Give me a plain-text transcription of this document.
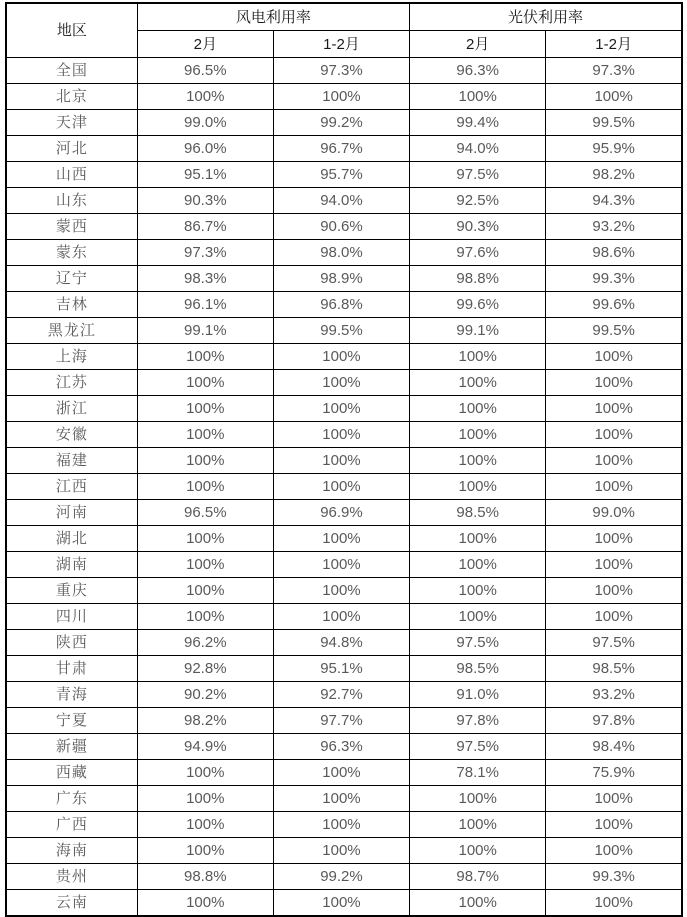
地区	风电利用率		光伏利用率	
	2月	1-2月	2月	1-2月
全国	96.5%	97.3%	96.3%	97.3%
北京	100%	100%	100%	100%
天津	99.0%	99.2%	99.4%	99.5%
河北	96.0%	96.7%	94.0%	95.9%
山西	95.1%	95.7%	97.5%	98.2%
山东	90.3%	94.0%	92.5%	94.3%
蒙西	86.7%	90.6%	90.3%	93.2%
蒙东	97.3%	98.0%	97.6%	98.6%
辽宁	98.3%	98.9%	98.8%	99.3%
吉林	96.1%	96.8%	99.6%	99.6%
黑龙江	99.1%	99.5%	99.1%	99.5%
上海	100%	100%	100%	100%
江苏	100%	100%	100%	100%
浙江	100%	100%	100%	100%
安徽	100%	100%	100%	100%
福建	100%	100%	100%	100%
江西	100%	100%	100%	100%
河南	96.5%	96.9%	98.5%	99.0%
湖北	100%	100%	100%	100%
湖南	100%	100%	100%	100%
重庆	100%	100%	100%	100%
四川	100%	100%	100%	100%
陕西	96.2%	94.8%	97.5%	97.5%
甘肃	92.8%	95.1%	98.5%	98.5%
青海	90.2%	92.7%	91.0%	93.2%
宁夏	98.2%	97.7%	97.8%	97.8%
新疆	94.9%	96.3%	97.5%	98.4%
西藏	100%	100%	78.1%	75.9%
广东	100%	100%	100%	100%
广西	100%	100%	100%	100%
海南	100%	100%	100%	100%
贵州	98.8%	99.2%	98.7%	99.3%
云南	100%	100%	100%	100%
